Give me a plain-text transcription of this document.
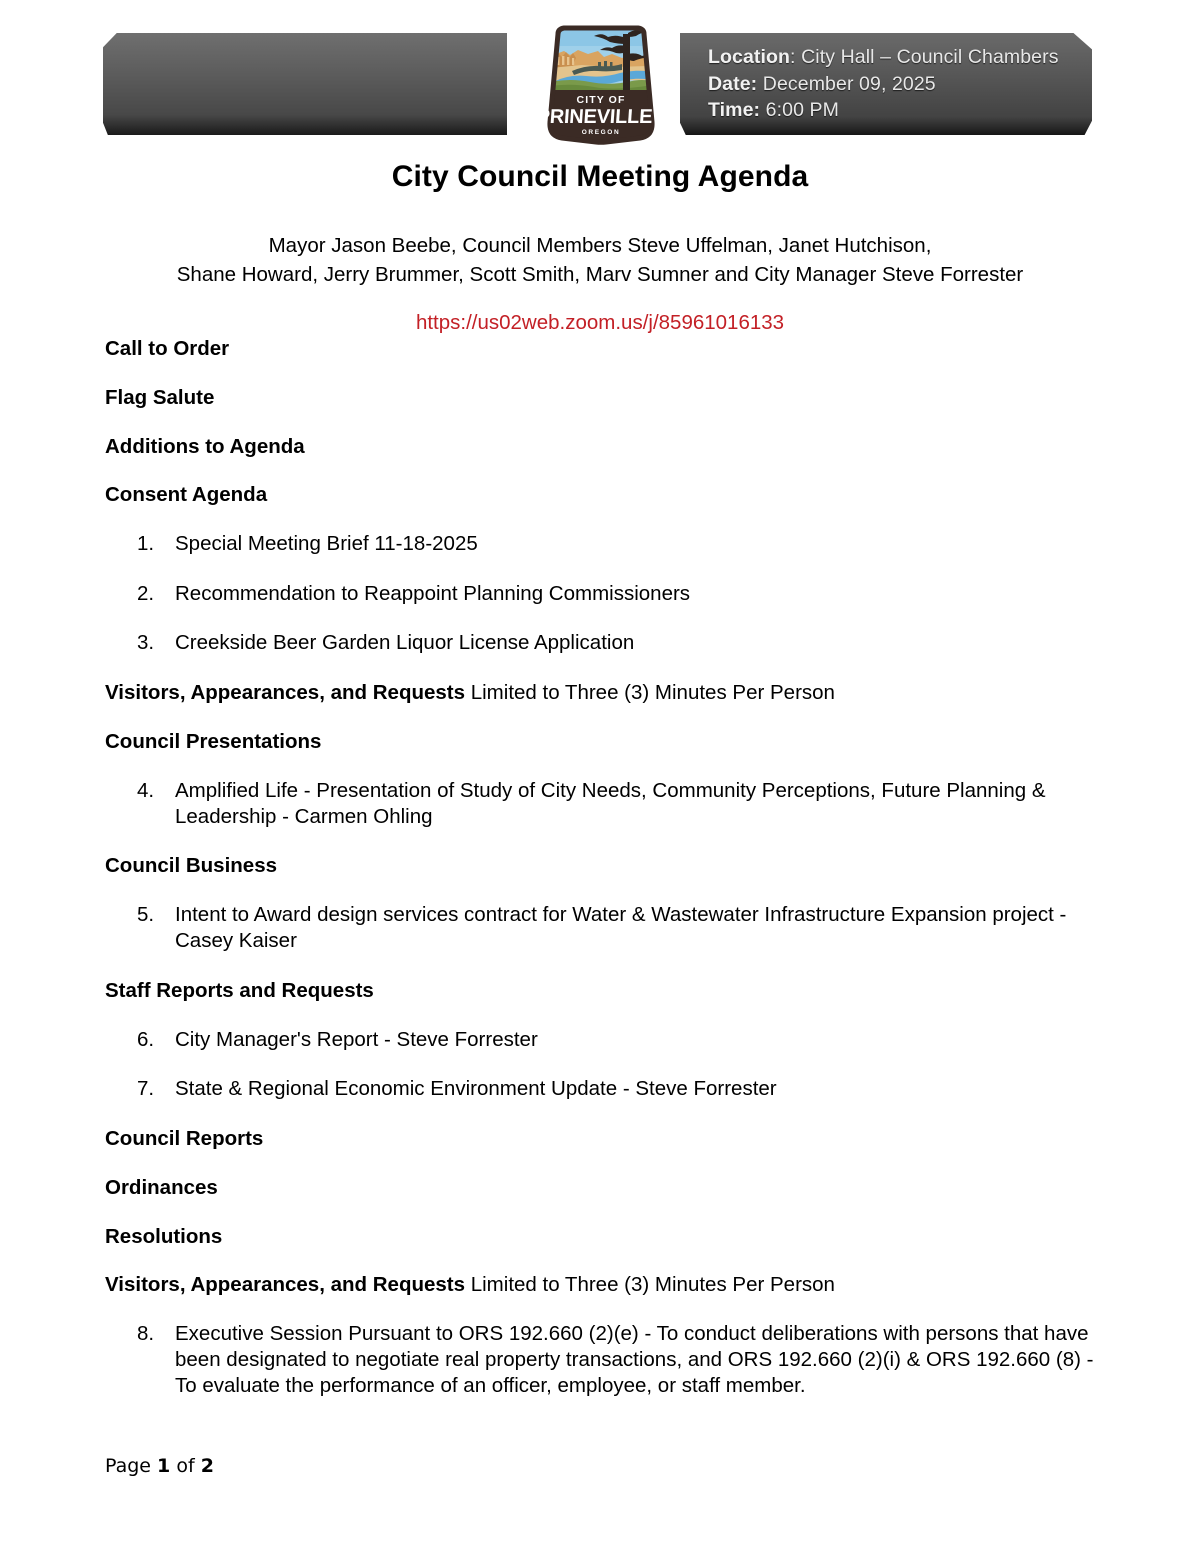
Location: City Hall – Council Chambers
Date: December 09, 2025
Time: 6:00 PM
CITY OF
PRINEVILLE
OREGON
City Council Meeting Agenda
Mayor Jason Beebe, Council Members Steve Uffelman, Janet Hutchison,
Shane Howard, Jerry Brummer, Scott Smith, Marv Sumner and City Manager Steve Forrester
https://us02web.zoom.us/j/85961016133
Call to Order
Flag Salute
Additions to Agenda
Consent Agenda
1.	Special Meeting Brief 11-18-2025
2.	Recommendation to Reappoint Planning Commissioners
3.	Creekside Beer Garden Liquor License Application
Visitors, Appearances, and Requests Limited to Three (3) Minutes Per Person
Council Presentations
4.	Amplified Life - Presentation of Study of City Needs, Community Perceptions, Future Planning & Leadership - Carmen Ohling
Council Business
5.	Intent to Award design services contract for Water & Wastewater Infrastructure Expansion project - Casey Kaiser
Staff Reports and Requests
6.	City Manager's Report - Steve Forrester
7.	State & Regional Economic Environment Update - Steve Forrester
Council Reports
Ordinances
Resolutions
Visitors, Appearances, and Requests Limited to Three (3) Minutes Per Person
8.	Executive Session Pursuant to ORS 192.660 (2)(e) - To conduct deliberations with persons that have been designated to negotiate real property transactions, and ORS 192.660 (2)(i) & ORS 192.660 (8) - To evaluate the performance of an officer, employee, or staff member.
Page 1 of 2
